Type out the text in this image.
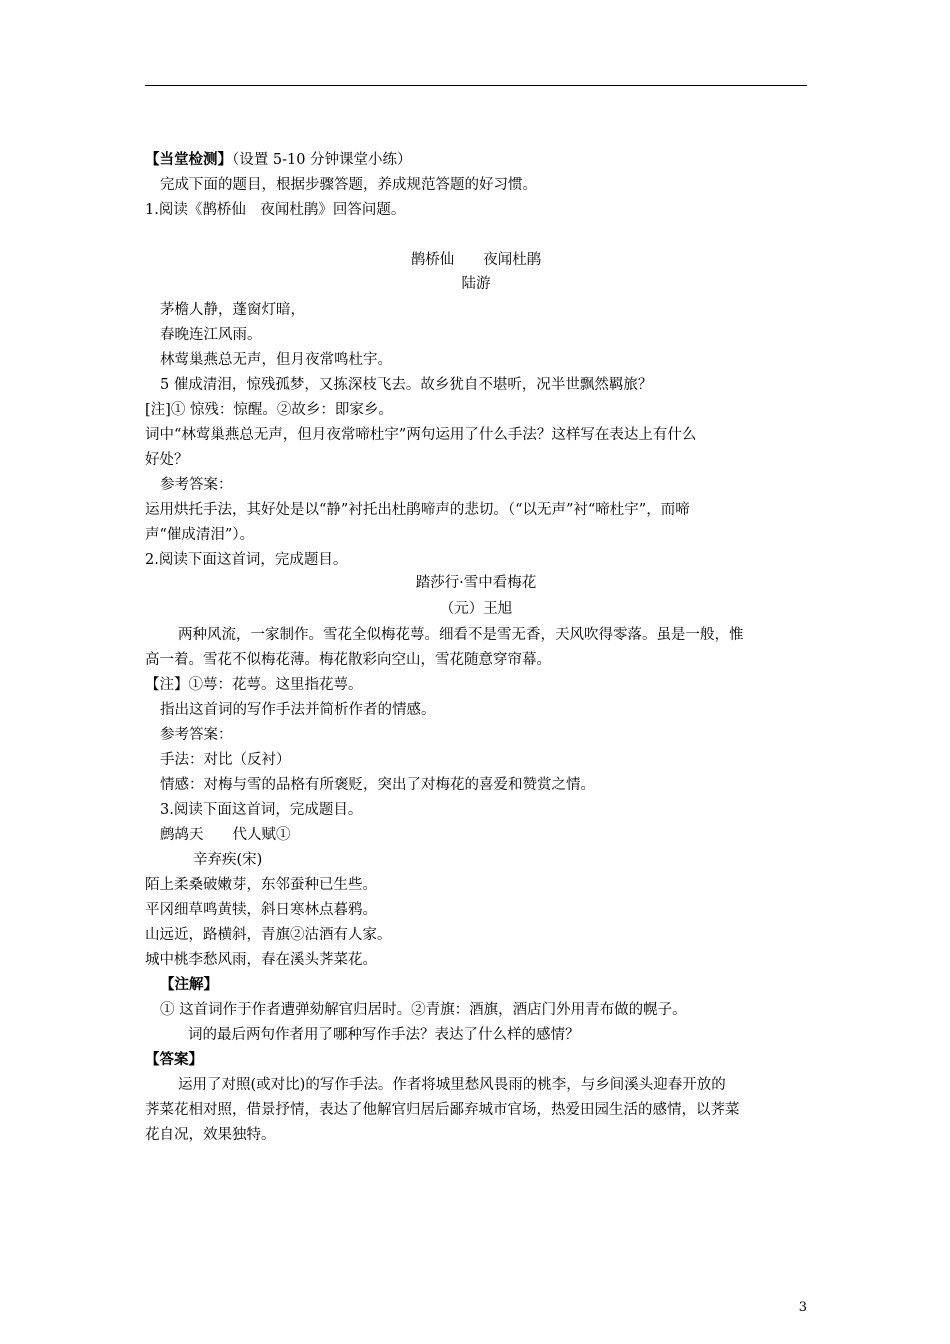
【当堂检测】（设置 5-10 分钟课堂小练）

完成下面的题目，根据步骤答题，养成规范答题的好习惯。

1.阅读《鹊桥仙　夜闻杜鹃》回答问题。

鹊桥仙　　夜闻杜鹃

陆游

茅檐人静，蓬窗灯暗，

春晚连江风雨。

林莺巢燕总无声，但月夜常鸣杜宇。

5 催成清泪，惊残孤梦，又拣深枝飞去。故乡犹自不堪听，况半世飘然羁旅？

[注]① 惊残：惊醒。②故乡：即家乡。

词中“林莺巢燕总无声，但月夜常啼杜宇”两句运用了什么手法？这样写在表达上有什么

好处？

参考答案：

运用烘托手法，其好处是以“静”衬托出杜鹃啼声的悲切。（“以无声”衬“啼杜宇”，而啼

声“催成清泪”）。

2.阅读下面这首词，完成题目。

踏莎行·雪中看梅花

（元）王旭

两种风流，一家制作。雪花全似梅花萼。细看不是雪无香，天风吹得零落。虽是一般，惟

高一着。雪花不似梅花薄。梅花散彩向空山，雪花随意穿帘幕。

【注】①萼：花萼。这里指花萼。

指出这首词的写作手法并简析作者的情感。

参考答案：

手法：对比（反衬）

情感：对梅与雪的品格有所褒贬，突出了对梅花的喜爱和赞赏之情。

3.阅读下面这首词，完成题目。

鹧鸪天　　代人赋①

辛弃疾(宋)

陌上柔桑破嫩芽，东邻蚕种已生些。

平冈细草鸣黄犊，斜日寒林点暮鸦。

山远近，路横斜，青旗②沽酒有人家。

城中桃李愁风雨，春在溪头荠菜花。

【注解】

① 这首词作于作者遭弹劾解官归居时。②青旗：酒旗，酒店门外用青布做的幌子。

词的最后两句作者用了哪种写作手法？表达了什么样的感情？

【答案】

运用了对照(或对比)的写作手法。作者将城里愁风畏雨的桃李，与乡间溪头迎春开放的

荠菜花相对照，借景抒情，表达了他解官归居后鄙弃城市官场，热爱田园生活的感情，以荠菜

花自况，效果独特。

3
